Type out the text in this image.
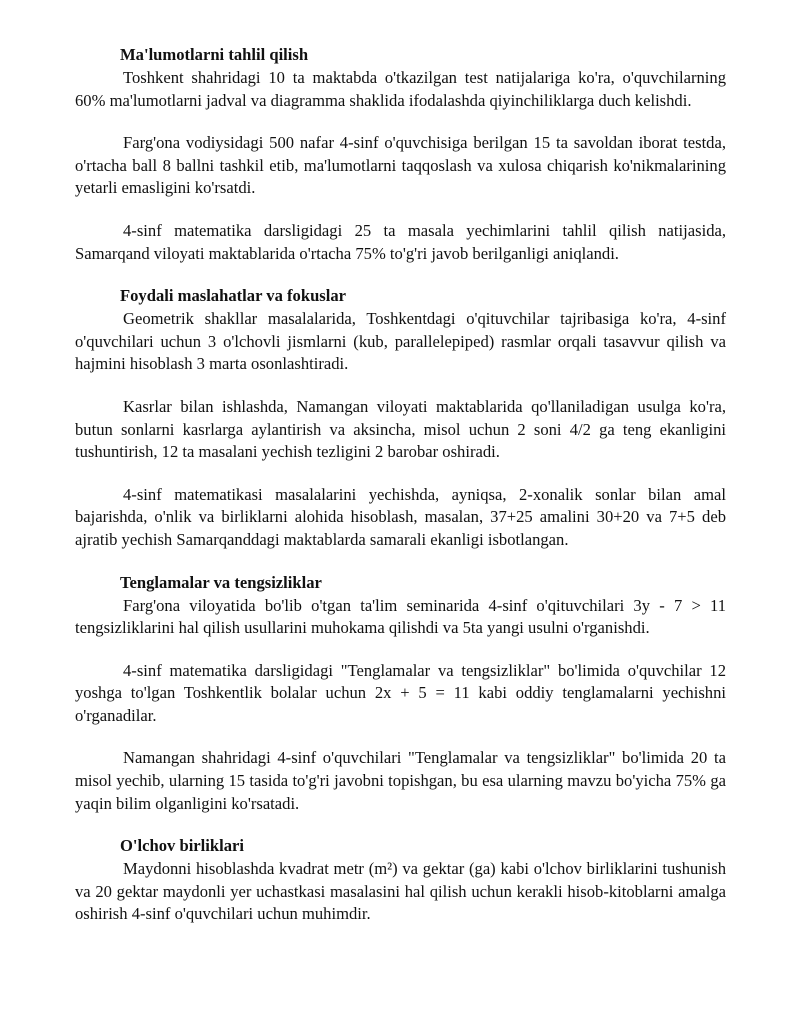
Ma'lumotlarni tahlil qilish

Toshkent shahridagi 10 ta maktabda o'tkazilgan test natijalariga ko'ra, o'quvchilarning 60% ma'lumotlarni jadval va diagramma shaklida ifodalashda qiyinchiliklarga duch kelishdi.

Farg'ona vodiysidagi 500 nafar 4-sinf o'quvchisiga berilgan 15 ta savoldan iborat testda, o'rtacha ball 8 ballni tashkil etib, ma'lumotlarni taqqoslash va xulosa chiqarish ko'nikmalarining yetarli emasligini ko'rsatdi.

4-sinf matematika darsligidagi 25 ta masala yechimlarini tahlil qilish natijasida, Samarqand viloyati maktablarida o'rtacha 75% to'g'ri javob berilganligi aniqlandi.

Foydali maslahatlar va fokuslar

Geometrik shakllar masalalarida, Toshkentdagi o'qituvchilar tajribasiga ko'ra, 4-sinf o'quvchilari uchun 3 o'lchovli jismlarni (kub, parallelepiped) rasmlar orqali tasavvur qilish va hajmini hisoblash 3 marta osonlashtiradi.

Kasrlar bilan ishlashda, Namangan viloyati maktablarida qo'llaniladigan usulga ko'ra, butun sonlarni kasrlarga aylantirish va aksincha, misol uchun 2 soni 4/2 ga teng ekanligini tushuntirish, 12 ta masalani yechish tezligini 2 barobar oshiradi.

4-sinf matematikasi masalalarini yechishda, ayniqsa, 2-xonalik sonlar bilan amal bajarishda, o'nlik va birliklarni alohida hisoblash, masalan, 37+25 amalini 30+20 va 7+5 deb ajratib yechish Samarqanddagi maktablarda samarali ekanligi isbotlangan.

Tenglamalar va tengsizliklar

Farg'ona viloyatida bo'lib o'tgan ta'lim seminarida 4-sinf o'qituvchilari 3y - 7 > 11 tengsizliklarini hal qilish usullarini muhokama qilishdi va 5ta yangi usulni o'rganishdi.

4-sinf matematika darsligidagi "Tenglamalar va tengsizliklar" bo'limida o'quvchilar 12 yoshga to'lgan Toshkentlik bolalar uchun 2x + 5 = 11 kabi oddiy tenglamalarni yechishni o'rganadilar.

Namangan shahridagi 4-sinf o'quvchilari "Tenglamalar va tengsizliklar" bo'limida 20 ta misol yechib, ularning 15 tasida to'g'ri javobni topishgan, bu esa ularning mavzu bo'yicha 75% ga yaqin bilim olganligini ko'rsatadi.

O'lchov birliklari

Maydonni hisoblashda kvadrat metr (m²) va gektar (ga) kabi o'lchov birliklarini tushunish va 20 gektar maydonli yer uchastkasi masalasini hal qilish uchun kerakli hisob-kitoblarni amalga oshirish 4-sinf o'quvchilari uchun muhimdir.
